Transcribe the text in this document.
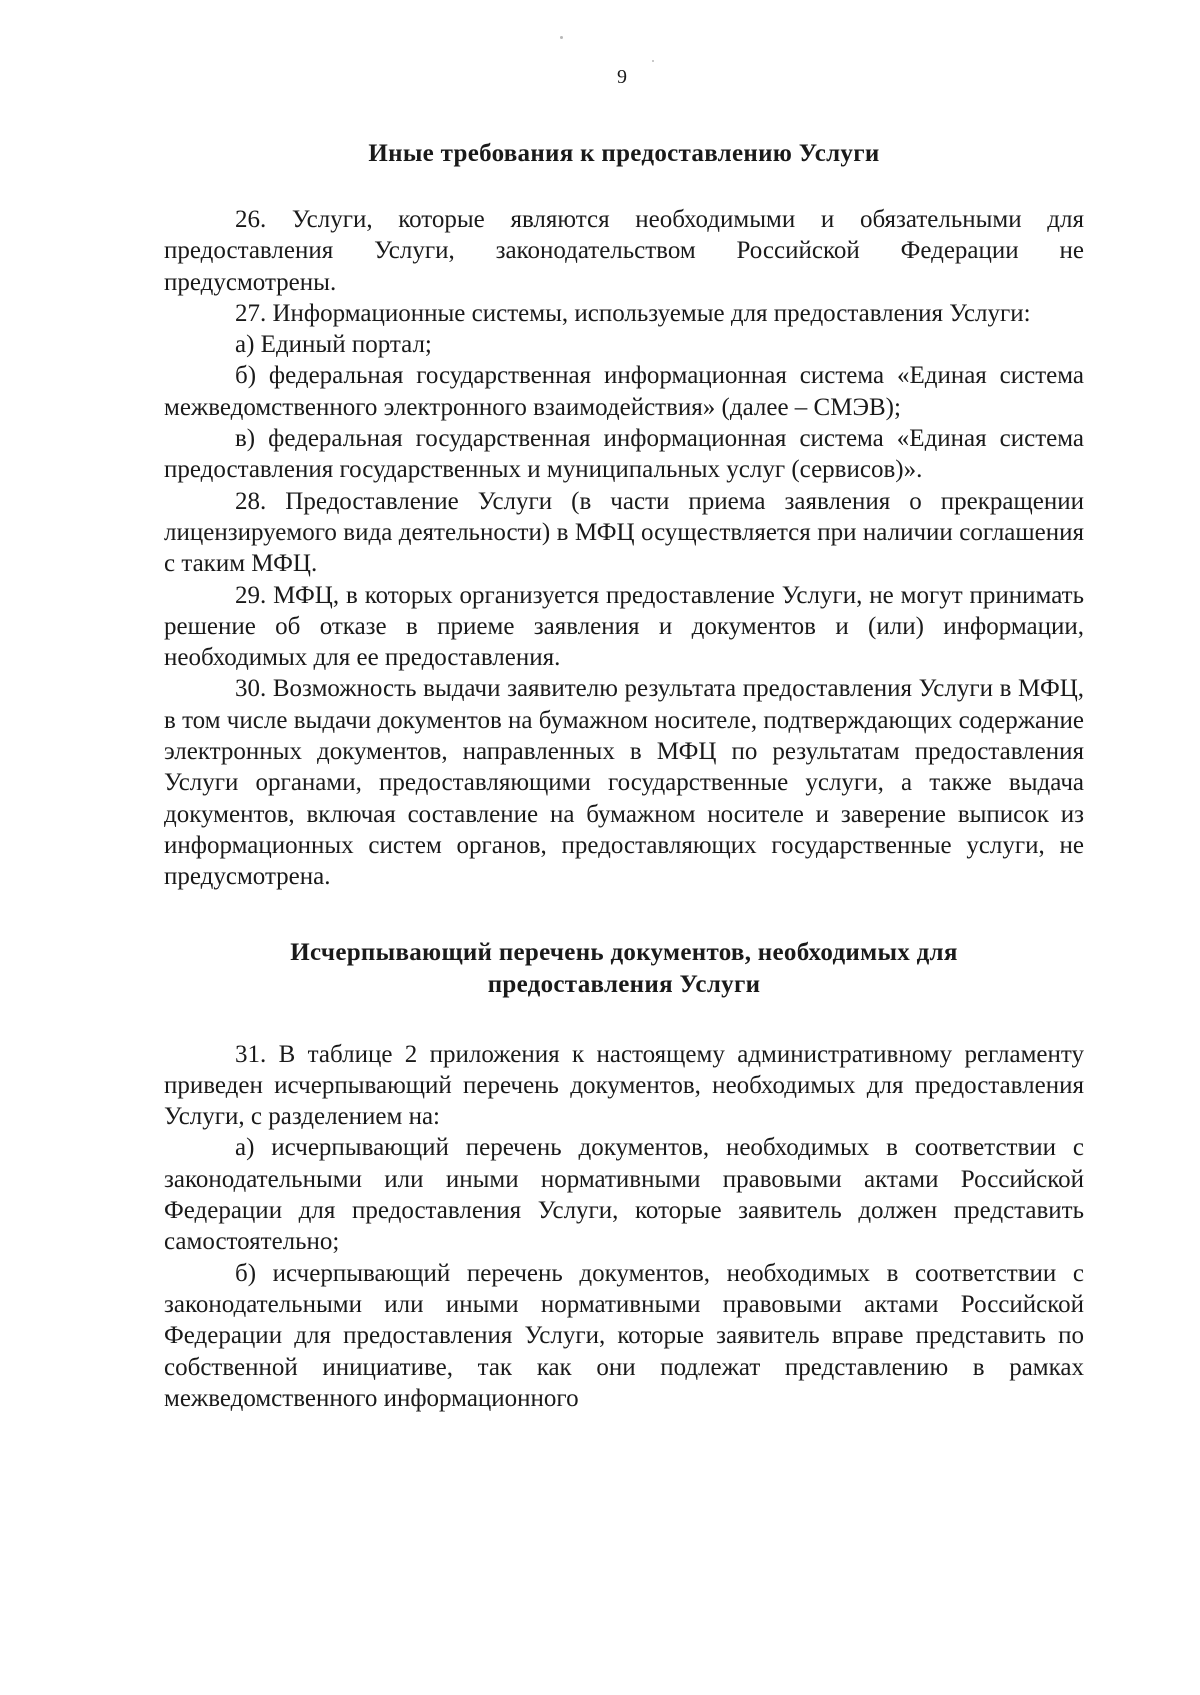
9
Иные требования к предоставлению Услуги

26. Услуги, которые являются необходимыми и обязательными для предоставления Услуги, законодательством Российской Федерации не предусмотрены.

27. Информационные системы, используемые для предоставления Услуги:

а) Единый портал;

б) федеральная государственная информационная система «Единая система межведомственного электронного взаимодействия» (далее – СМЭВ);

в) федеральная государственная информационная система «Единая система предоставления государственных и муниципальных услуг (сервисов)».

28. Предоставление Услуги (в части приема заявления о прекращении лицензируемого вида деятельности) в МФЦ осуществляется при наличии соглашения с таким МФЦ.

29. МФЦ, в которых организуется предоставление Услуги, не могут принимать решение об отказе в приеме заявления и документов и (или) информации, необходимых для ее предоставления.

30. Возможность выдачи заявителю результата предоставления Услуги в МФЦ, в том числе выдачи документов на бумажном носителе, подтверждающих содержание электронных документов, направленных в МФЦ по результатам предоставления Услуги органами, предоставляющими государственные услуги, а также выдача документов, включая составление на бумажном носителе и заверение выписок из информационных систем органов, предоставляющих государственные услуги, не предусмотрена.

Исчерпывающий перечень документов, необходимых для
предоставления Услуги

31. В таблице 2 приложения к настоящему административному регламенту приведен исчерпывающий перечень документов, необходимых для предоставления Услуги, с разделением на:

а) исчерпывающий перечень документов, необходимых в соответствии с законодательными или иными нормативными правовыми актами Российской Федерации для предоставления Услуги, которые заявитель должен представить самостоятельно;

б) исчерпывающий перечень документов, необходимых в соответствии с законодательными или иными нормативными правовыми актами Российской Федерации для предоставления Услуги, которые заявитель вправе представить по собственной инициативе, так как они подлежат представлению в рамках межведомственного информационного
